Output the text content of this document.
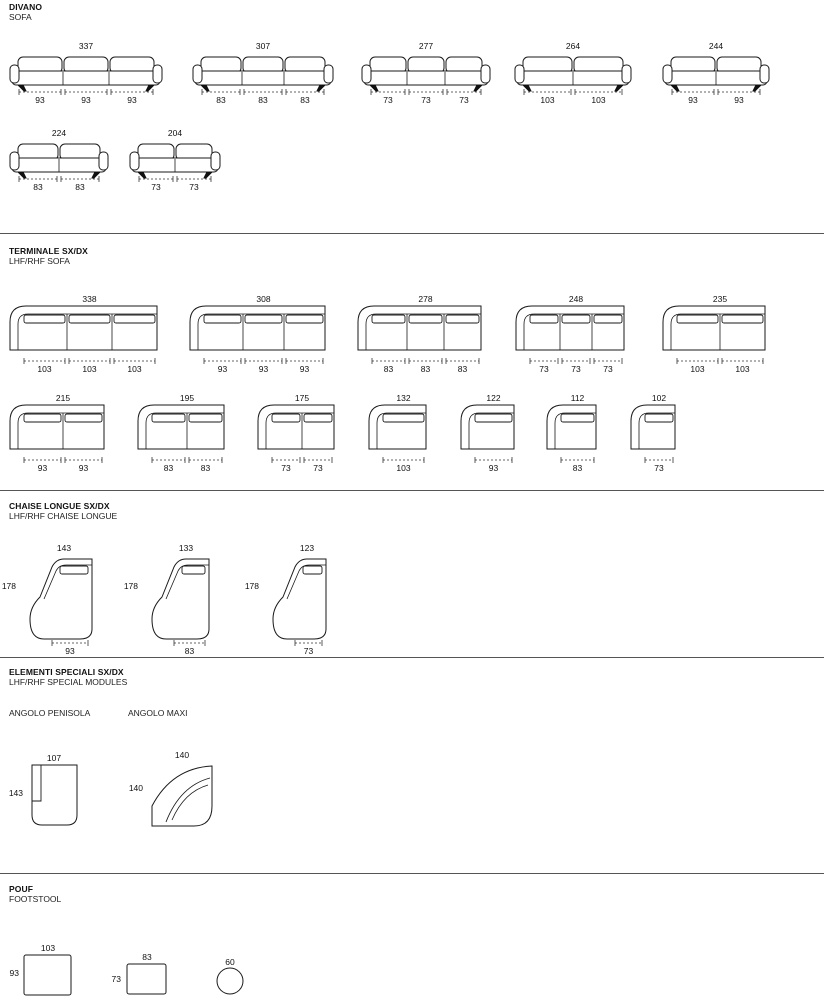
DIVANO
SOFA
TERMINALE SX/DX
LHF/RHF SOFA
CHAISE LONGUE SX/DX
LHF/RHF CHAISE LONGUE
ELEMENTI SPECIALI SX/DX
LHF/RHF SPECIAL MODULES
ANGOLO PENISOLA	ANGOLO MAXI
POUF
FOOTSTOOL
337
93	93	93
307
83	83	83
277
73	73	73
264
103	103
244
93	93
224
83	83
204
73	73
338
103	103	103
308
93	93	93
278
83	83	83
248
73	73	73
235
103	103
215
93	93
195
83	83
175
73	73
132
103
122
93
112
83
102
73
143
178
93
133
178
83
123
178
73
107
143
140
140
103
93
83
73
60
